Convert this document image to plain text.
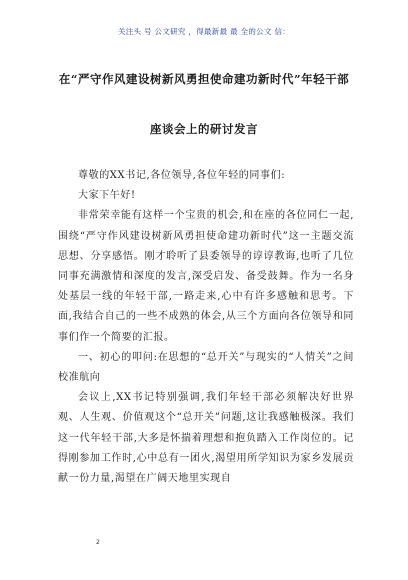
关注头 号 公文研究 ，得最新最 最 全的公文 信：
在“严守作风建设树新风勇担使命建功新时代”年轻干部
座谈会上的研讨发言

尊敬的XX书记,各位领导,各位年轻的同事们:

大家下午好!

非常荣幸能有这样一个宝贵的机会,和在座的各位同仁一起,围绕“严守作风建设树新风勇担使命建功新时代”这一主题交流思想、分享感悟。刚才聆听了县委领导的谆谆教诲,也听了几位同事充满激情和深度的发言,深受启发、备受鼓舞。作为一名身处基层一线的年轻干部,一路走来,心中有许多感触和思考。下面,我结合自己的一些不成熟的体会,从三个方面向各位领导和同事们作一个简要的汇报。

一、初心的叩问:在思想的“总开关”与现实的“人情关”之间校准航向

会议上,XX书记特别强调,我们年轻干部必须解决好世界观、人生观、价值观这个“总开关”问题,这让我感触极深。我们这一代年轻干部,大多是怀揣着理想和抱负踏入工作岗位的。记得刚参加工作时,心中总有一团火,渴望用所学知识为家乡发展贡献一份力量,渴望在广阔天地里实现自

2
